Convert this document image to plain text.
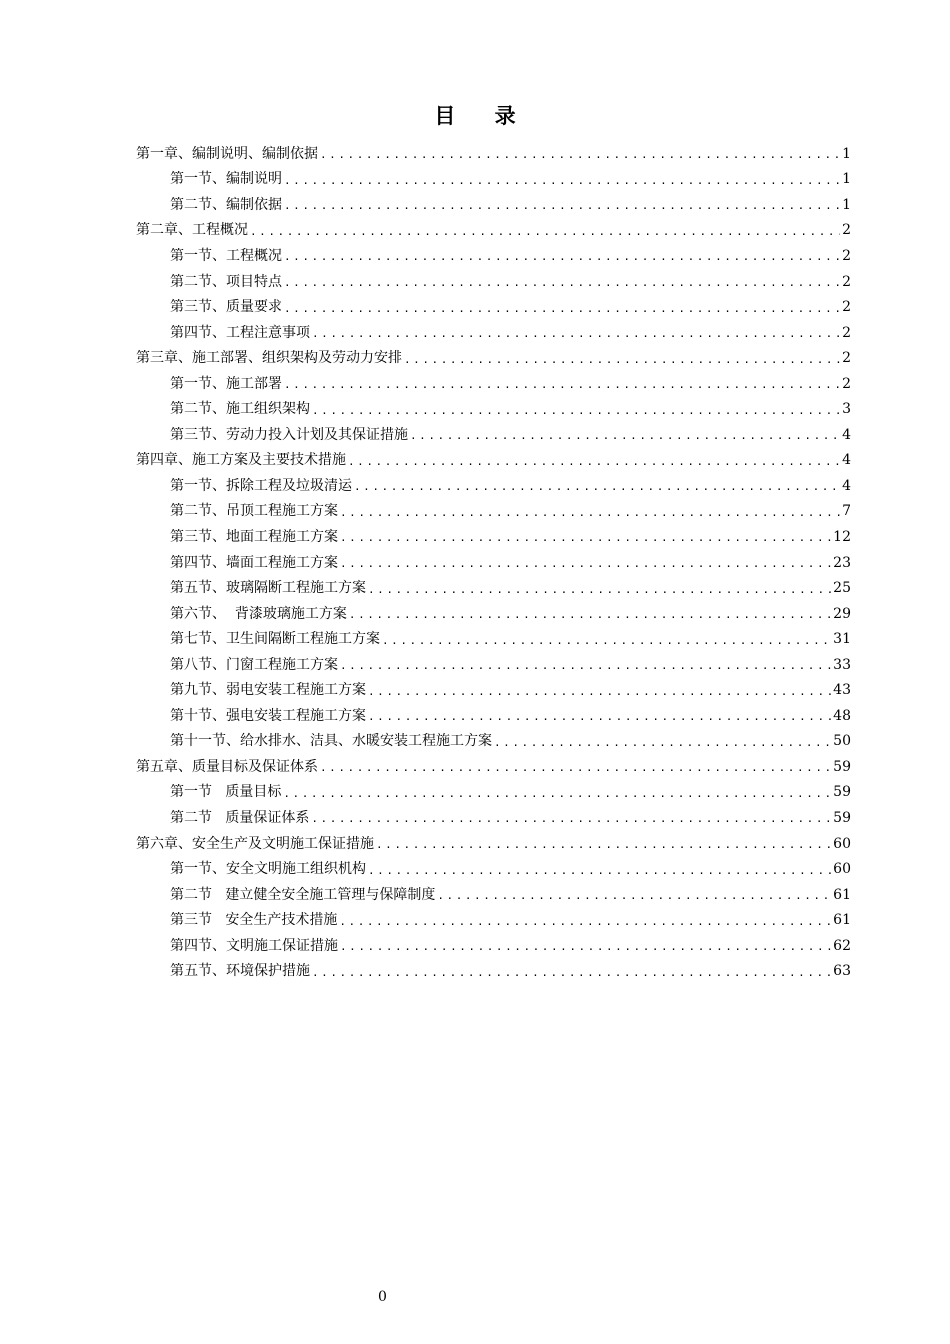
目 录
第一章、编制说明、编制依据 .....	1
第一节、编制说明 .....	1
第二节、编制依据 .....	1
第二章、工程概况 .....	2
第一节、工程概况 .....	2
第二节、项目特点 .....	2
第三节、质量要求 .....	2
第四节、工程注意事项 .....	2
第三章、施工部署、组织架构及劳动力安排 .....	2
第一节、施工部署 .....	2
第二节、施工组织架构 .....	3
第三节、劳动力投入计划及其保证措施 .....	4
第四章、施工方案及主要技术措施 .....	4
第一节、拆除工程及垃圾清运 .....	4
第二节、吊顶工程施工方案 .....	7
第三节、地面工程施工方案 .....	12
第四节、墙面工程施工方案 .....	23
第五节、玻璃隔断工程施工方案 .....	25
第六节、  背漆玻璃施工方案 .....	29
第七节、卫生间隔断工程施工方案 .....	31
第八节、门窗工程施工方案 .....	33
第九节、弱电安装工程施工方案 .....	43
第十节、强电安装工程施工方案 .....	48
第十一节、给水排水、洁具、水暖安装工程施工方案 .....	50
第五章、质量目标及保证体系 .....	59
第一节   质量目标 .....	59
第二节   质量保证体系 .....	59
第六章、安全生产及文明施工保证措施 .....	60
第一节、安全文明施工组织机构 .....	60
第二节   建立健全安全施工管理与保障制度 .....	61
第三节   安全生产技术措施 .....	61
第四节、文明施工保证措施 .....	62
第五节、环境保护措施 .....	63
0
